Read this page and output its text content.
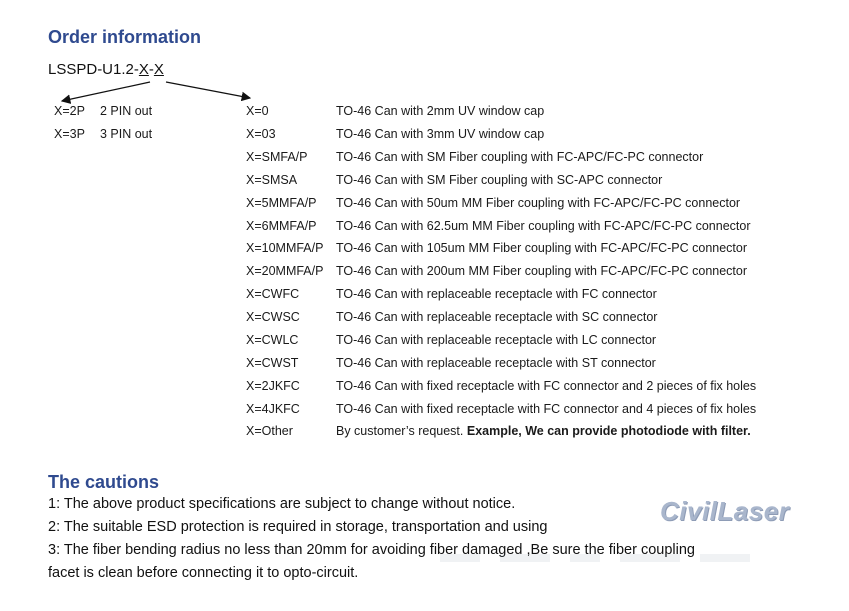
Order information
LSSPD-U1.2-X-X
X=2P 2 PIN out
X=3P 3 PIN out
X=0	TO-46 Can with 2mm UV window cap
X=03	TO-46 Can with 3mm UV window cap
X=SMFA/P TO-46 Can with SM Fiber coupling with FC-APC/FC-PC connector
X=SMSA	TO-46 Can with SM Fiber coupling with SC-APC connector
X=5MMFA/P TO-46 Can with 50um MM Fiber coupling with FC-APC/FC-PC connector
X=6MMFA/P TO-46 Can with 62.5um MM Fiber coupling with FC-APC/FC-PC connector
X=10MMFA/P TO-46 Can with 105um MM Fiber coupling with FC-APC/FC-PC connector
X=20MMFA/P TO-46 Can with 200um MM Fiber coupling with FC-APC/FC-PC connector
X=CWFC	TO-46 Can with replaceable receptacle with FC connector
X=CWSC	TO-46 Can with replaceable receptacle with SC connector
X=CWLC	TO-46 Can with replaceable receptacle with LC connector
X=CWST	TO-46 Can with replaceable receptacle with ST connector
X=2JKFC	TO-46 Can with fixed receptacle with FC connector and 2 pieces of fix holes
X=4JKFC	TO-46 Can with fixed receptacle with FC connector and 4 pieces of fix holes
X=Other	By customer’s request. Example, We can provide photodiode with filter.
The cautions
1: The above product specifications are subject to change without notice.
2: The suitable ESD protection is required in storage, transportation and using
3: The fiber bending radius no less than 20mm for avoiding fiber damaged ,Be sure the fiber coupling
facet is clean before connecting it to opto-circuit.
CivilLaser
